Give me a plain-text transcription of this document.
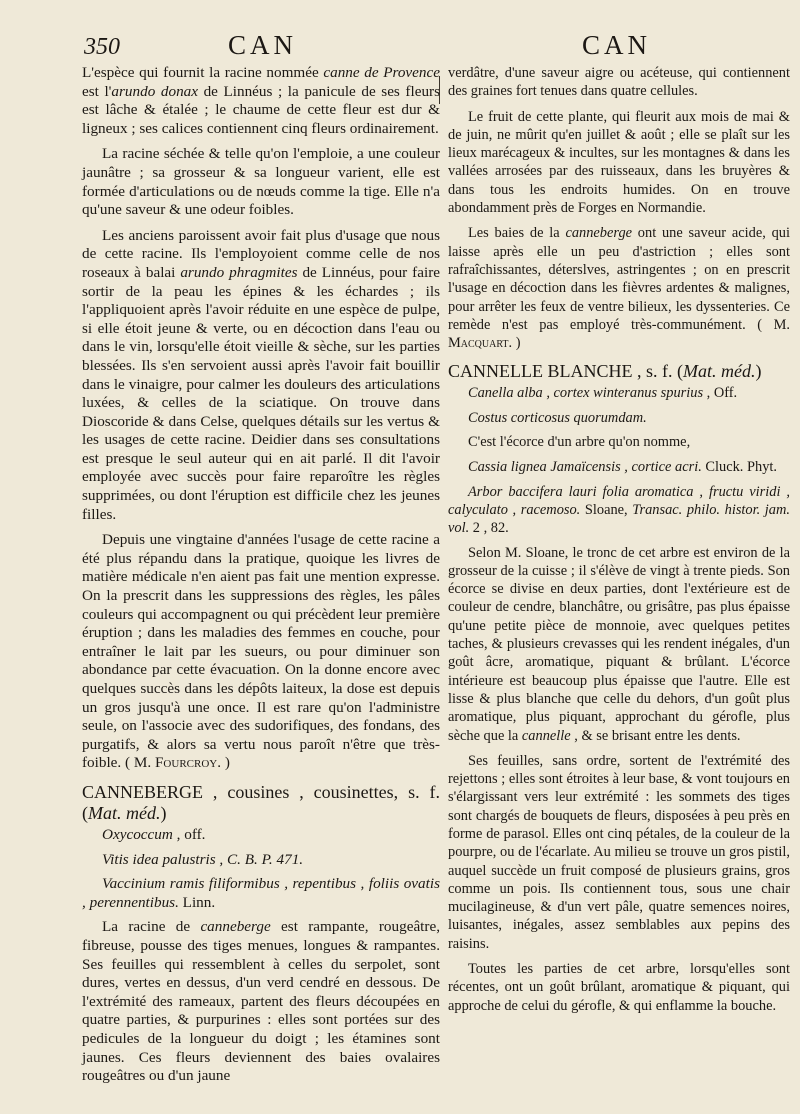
350	CAN	CAN

L'espèce qui fournit la racine nommée canne de Provence est l'arundo donax de Linnéus ; la panicule de ses fleurs est lâche & étalée ; le chaume de cette fleur est dur & ligneux ; ses calices contiennent cinq fleurs ordinairement.

La racine séchée & telle qu'on l'emploie, a une couleur jaunâtre ; sa grosseur & sa longueur varient, elle est formée d'articulations ou de nœuds comme la tige. Elle n'a qu'une saveur & une odeur foibles.

Les anciens paroissent avoir fait plus d'usage que nous de cette racine. Ils l'employoient comme celle de nos roseaux à balai arundo phragmites de Linnéus, pour faire sortir de la peau les épines & les échardes ; ils l'appliquoient après l'avoir réduite en une espèce de pulpe, si elle étoit jeune & verte, ou en décoction dans l'eau ou dans le vin, lorsqu'elle étoit vieille & sèche, sur les parties blessées. Ils s'en servoient aussi après l'avoir fait bouillir dans le vinaigre, pour calmer les douleurs des articulations luxées, & celles de la sciatique. On trouve dans Dioscoride & dans Celse, quelques détails sur les vertus & les usages de cette racine. Deidier dans ses consultations est presque le seul auteur qui en ait parlé. Il dit l'avoir employée avec succès pour faire reparoître les règles supprimées, ou dont l'éruption est difficile chez les jeunes filles.

Depuis une vingtaine d'années l'usage de cette racine a été plus répandu dans la pratique, quoique les livres de matière médicale n'en aient pas fait une mention expresse. On la prescrit dans les suppressions des règles, les pâles couleurs qui accompagnent ou qui précèdent leur première éruption ; dans les maladies des femmes en couche, pour entraîner le lait par les sueurs, ou pour diminuer son abondance par cette évacuation. On la donne encore avec quelques succès dans les dépôts laiteux, la dose est depuis un gros jusqu'à une once. Il est rare qu'on l'administre seule, on l'associe avec des sudorifiques, des fondans, des purgatifs, & alors sa vertu nous paroît n'être que très-foible. ( M. Fourcroy. )

CANNEBERGE , cousines , cousinettes, s. f. (Mat. méd.)
Oxycoccum , off.
Vitis idea palustris , C. B. P. 471.
Vaccinium ramis filiformibus , repentibus , foliis ovatis , perennentibus. Linn.

La racine de canneberge est rampante, rougeâtre, fibreuse, pousse des tiges menues, longues & rampantes. Ses feuilles qui ressemblent à celles du serpolet, sont dures, vertes en dessus, d'un verd cendré en dessous. De l'extrémité des rameaux, partent des fleurs découpées en quatre parties, & purpurines : elles sont portées sur des pedicules de la longueur du doigt ; les étamines sont jaunes. Ces fleurs deviennent des baies ovalaires rougeâtres ou d'un jaune

verdâtre, d'une saveur aigre ou acéteuse, qui contiennent des graines fort tenues dans quatre cellules.

Le fruit de cette plante, qui fleurit aux mois de mai & de juin, ne mûrit qu'en juillet & août ; elle se plaît sur les lieux marécageux & incultes, sur les montagnes & dans les vallées arrosées par des ruisseaux, dans les bruyères & dans tous les endroits humides. On en trouve abondamment près de Forges en Normandie.

Les baies de la canneberge ont une saveur acide, qui laisse après elle un peu d'astriction ; elles sont rafraîchissantes, déterslves, astringentes ; on en prescrit l'usage en décoction dans les fièvres ardentes & malignes, pour arrêter les feux de ventre bilieux, les dyssenteries. Ce remède n'est pas employé très-communément. ( M. Macquart. )

CANNELLE BLANCHE , s. f. (Mat. méd.)
Canella alba , cortex winteranus spurius , Off.
Costus corticosus quorumdam.

C'est l'écorce d'un arbre qu'on nomme,

Cassia lignea Jamaïcensis , cortice acri. Cluck. Phyt.
Arbor baccifera lauri folia aromatica , fructu viridi , calyculato , racemoso. Sloane, Transac. philo. histor. jam. vol. 2 , 82.

Selon M. Sloane, le tronc de cet arbre est environ de la grosseur de la cuisse ; il s'élève de vingt à trente pieds. Son écorce se divise en deux parties, dont l'extérieure est de couleur de cendre, blanchâtre, ou grisâtre, pas plus épaisse qu'une petite pièce de monnoie, avec quelques petites taches, & plusieurs crevasses qui les rendent inégales, d'un goût âcre, aromatique, piquant & brûlant. L'écorce intérieure est beaucoup plus épaisse que l'autre. Elle est lisse & plus blanche que celle du dehors, d'un goût plus aromatique, plus piquant, approchant du gérofle, plus sèche que la cannelle , & se brisant entre les dents.

Ses feuilles, sans ordre, sortent de l'extrémité des rejettons ; elles sont étroites à leur base, & vont toujours en s'élargissant vers leur extrémité : les sommets des tiges sont chargés de bouquets de fleurs, disposées à peu près en forme de parasol. Elles ont cinq pétales, de la couleur de la pourpre, ou de l'écarlate. Au milieu se trouve un gros pistil, auquel succède un fruit composé de plusieurs grains, gros comme un pois. Ils contiennent tous, sous une chair mucilagineuse, & d'un vert pâle, quatre semences noires, luisantes, inégales, assez semblables aux pepins des raisins.

Toutes les parties de cet arbre, lorsqu'elles sont récentes, ont un goût brûlant, aromatique & piquant, qui approche de celui du gérofle, & qui enflamme la bouche.
